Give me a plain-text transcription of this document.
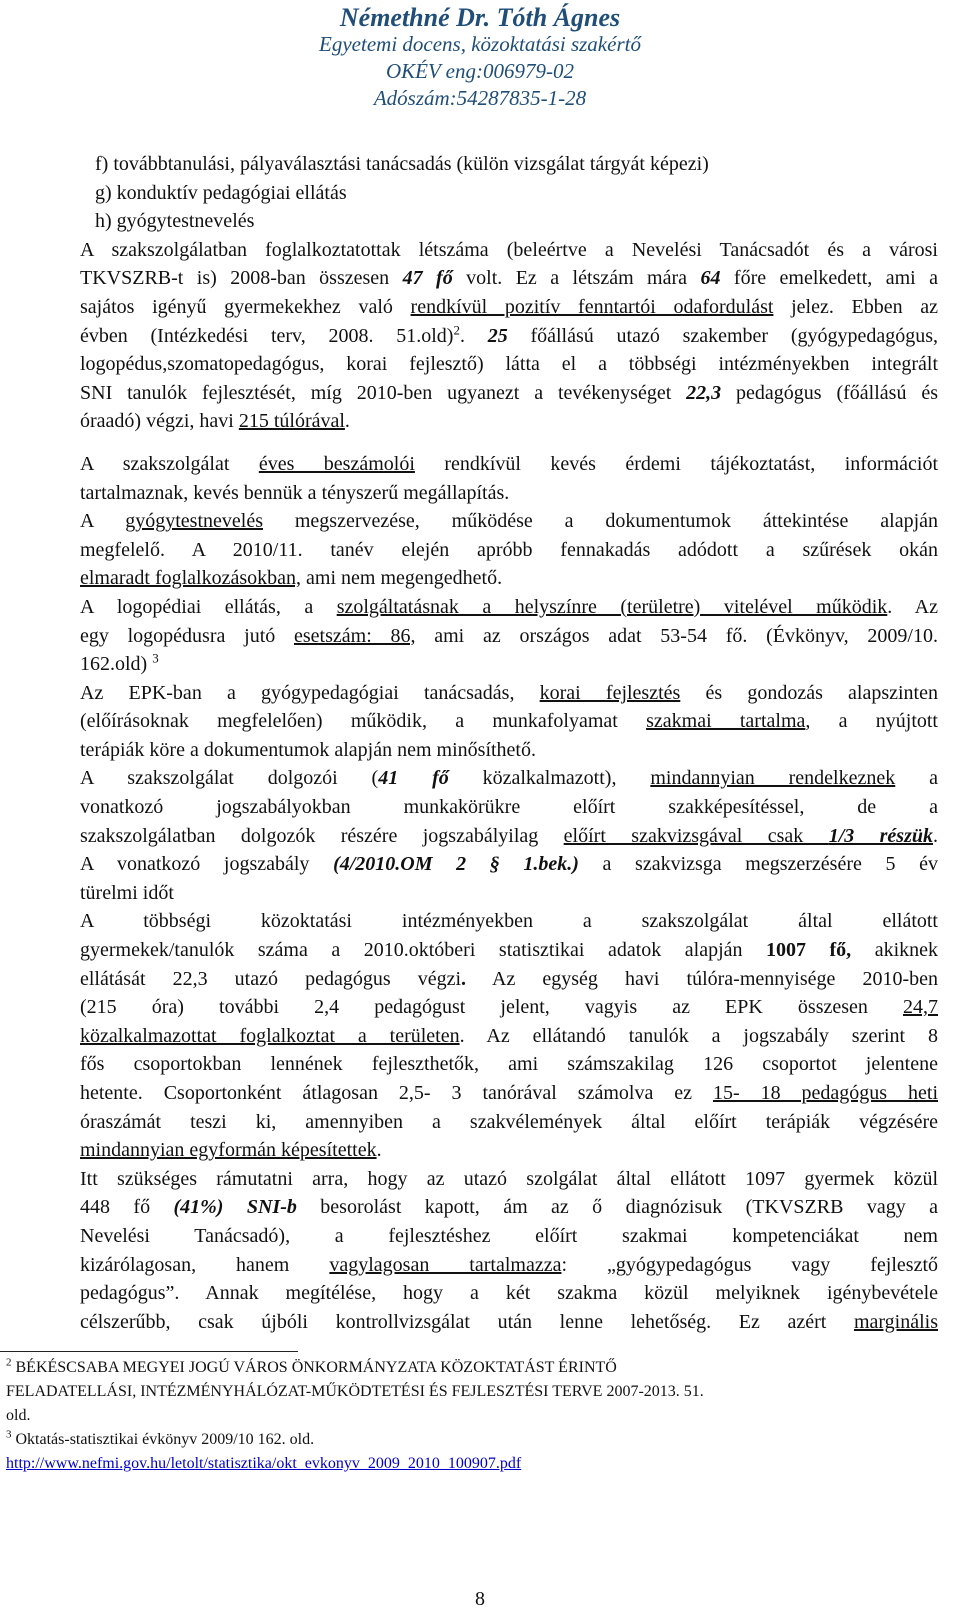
Némethné Dr. Tóth Ágnes
Egyetemi docens, közoktatási szakértő
OKÉV eng:006979-02
Adószám:54287835-1-28
f) továbbtanulási, pályaválasztási tanácsadás (külön vizsgálat tárgyát képezi)
g) konduktív pedagógiai ellátás
h) gyógytestnevelés
A szakszolgálatban foglalkoztatottak létszáma (beleértve a Nevelési Tanácsadót és a városi
TKVSZRB-t is) 2008-ban összesen 47 fő volt. Ez a létszám mára 64 főre emelkedett, ami a
sajátos igényű gyermekekhez való rendkívül pozitív fenntartói odafordulást jelez. Ebben az
évben (Intézkedési terv, 2008. 51.old)$^2$. 25 főállású utazó szakember (gyógypedagógus,
logopédus,szomatopedagógus, korai fejlesztő) látta el a többségi intézményekben integrált
SNI tanulók fejlesztését, míg 2010-ben ugyanezt a tevékenységet 22,3 pedagógus (főállású és
óraadó) végzi, havi 215 túlórával.
A szakszolgálat éves beszámolói rendkívül kevés érdemi tájékoztatást, információt
tartalmaznak, kevés bennük a tényszerű megállapítás.
A gyógytestnevelés megszervezése, működése a dokumentumok áttekintése alapján
megfelelő. A 2010/11. tanév elején apróbb fennakadás adódott a szűrések okán
elmaradt foglalkozásokban, ami nem megengedhető.
A logopédiai ellátás, a szolgáltatásnak a helyszínre (területre) vitelével működik. Az
egy logopédusra jutó esetszám: 86, ami az országos adat 53-54 fő. (Évkönyv, 2009/10.
162.old) $^3$
Az EPK-ban a gyógypedagógiai tanácsadás, korai fejlesztés és gondozás alapszinten
(előírásoknak megfelelően) működik, a munkafolyamat szakmai tartalma, a nyújtott
terápiák köre a dokumentumok alapján nem minősíthető.
A szakszolgálat dolgozói (41 fő közalkalmazott), mindannyian rendelkeznek a
vonatkozó jogszabályokban munkakörükre előírt szakképesítéssel, de a
szakszolgálatban dolgozók részére jogszabályilag előírt szakvizsgával csak 1/3 részük.
A vonatkozó jogszabály (4/2010.OM 2 § 1.bek.) a szakvizsga megszerzésére 5 év
türelmi időt
A többségi közoktatási intézményekben a szakszolgálat által ellátott
gyermekek/tanulók száma a 2010.októberi statisztikai adatok alapján 1007 fő, akiknek
ellátását 22,3 utazó pedagógus végzi. Az egység havi túlóra-mennyisége 2010-ben
(215 óra) további 2,4 pedagógust jelent, vagyis az EPK összesen 24,7
közalkalmazottat foglalkoztat a területen. Az ellátandó tanulók a jogszabály szerint 8
fős csoportokban lennének fejleszthetők, ami számszakilag 126 csoportot jelentene
hetente. Csoportonként átlagosan 2,5- 3 tanórával számolva ez 15- 18 pedagógus heti
óraszámát teszi ki, amennyiben a szakvélemények által előírt terápiák végzésére
mindannyian egyformán képesítettek.
Itt szükséges rámutatni arra, hogy az utazó szolgálat által ellátott 1097 gyermek közül
448 fő (41%) SNI-b besorolást kapott, ám az ő diagnózisuk (TKVSZRB vagy a
Nevelési Tanácsadó), a fejlesztéshez előírt szakmai kompetenciákat nem
kizárólagosan, hanem vagylagosan tartalmazza: „gyógypedagógus vagy fejlesztő
pedagógus”. Annak megítélése, hogy a két szakma közül melyiknek igénybevétele
célszerűbb, csak újbóli kontrollvizsgálat után lenne lehetőség. Ez azért marginális
$^2$ BÉKÉSCSABA MEGYEI JOGÚ VÁROS ÖNKORMÁNYZATA KÖZOKTATÁST ÉRINTŐ
FELADATELLÁSI, INTÉZMÉNYHÁLÓZAT-MŰKÖDTETÉSI ÉS FEJLESZTÉSI TERVE 2007-2013. 51.
old.
$^3$ Oktatás-statisztikai évkönyv 2009/10 162. old.
http://www.nefmi.gov.hu/letolt/statisztika/okt_evkonyv_2009_2010_100907.pdf
8
